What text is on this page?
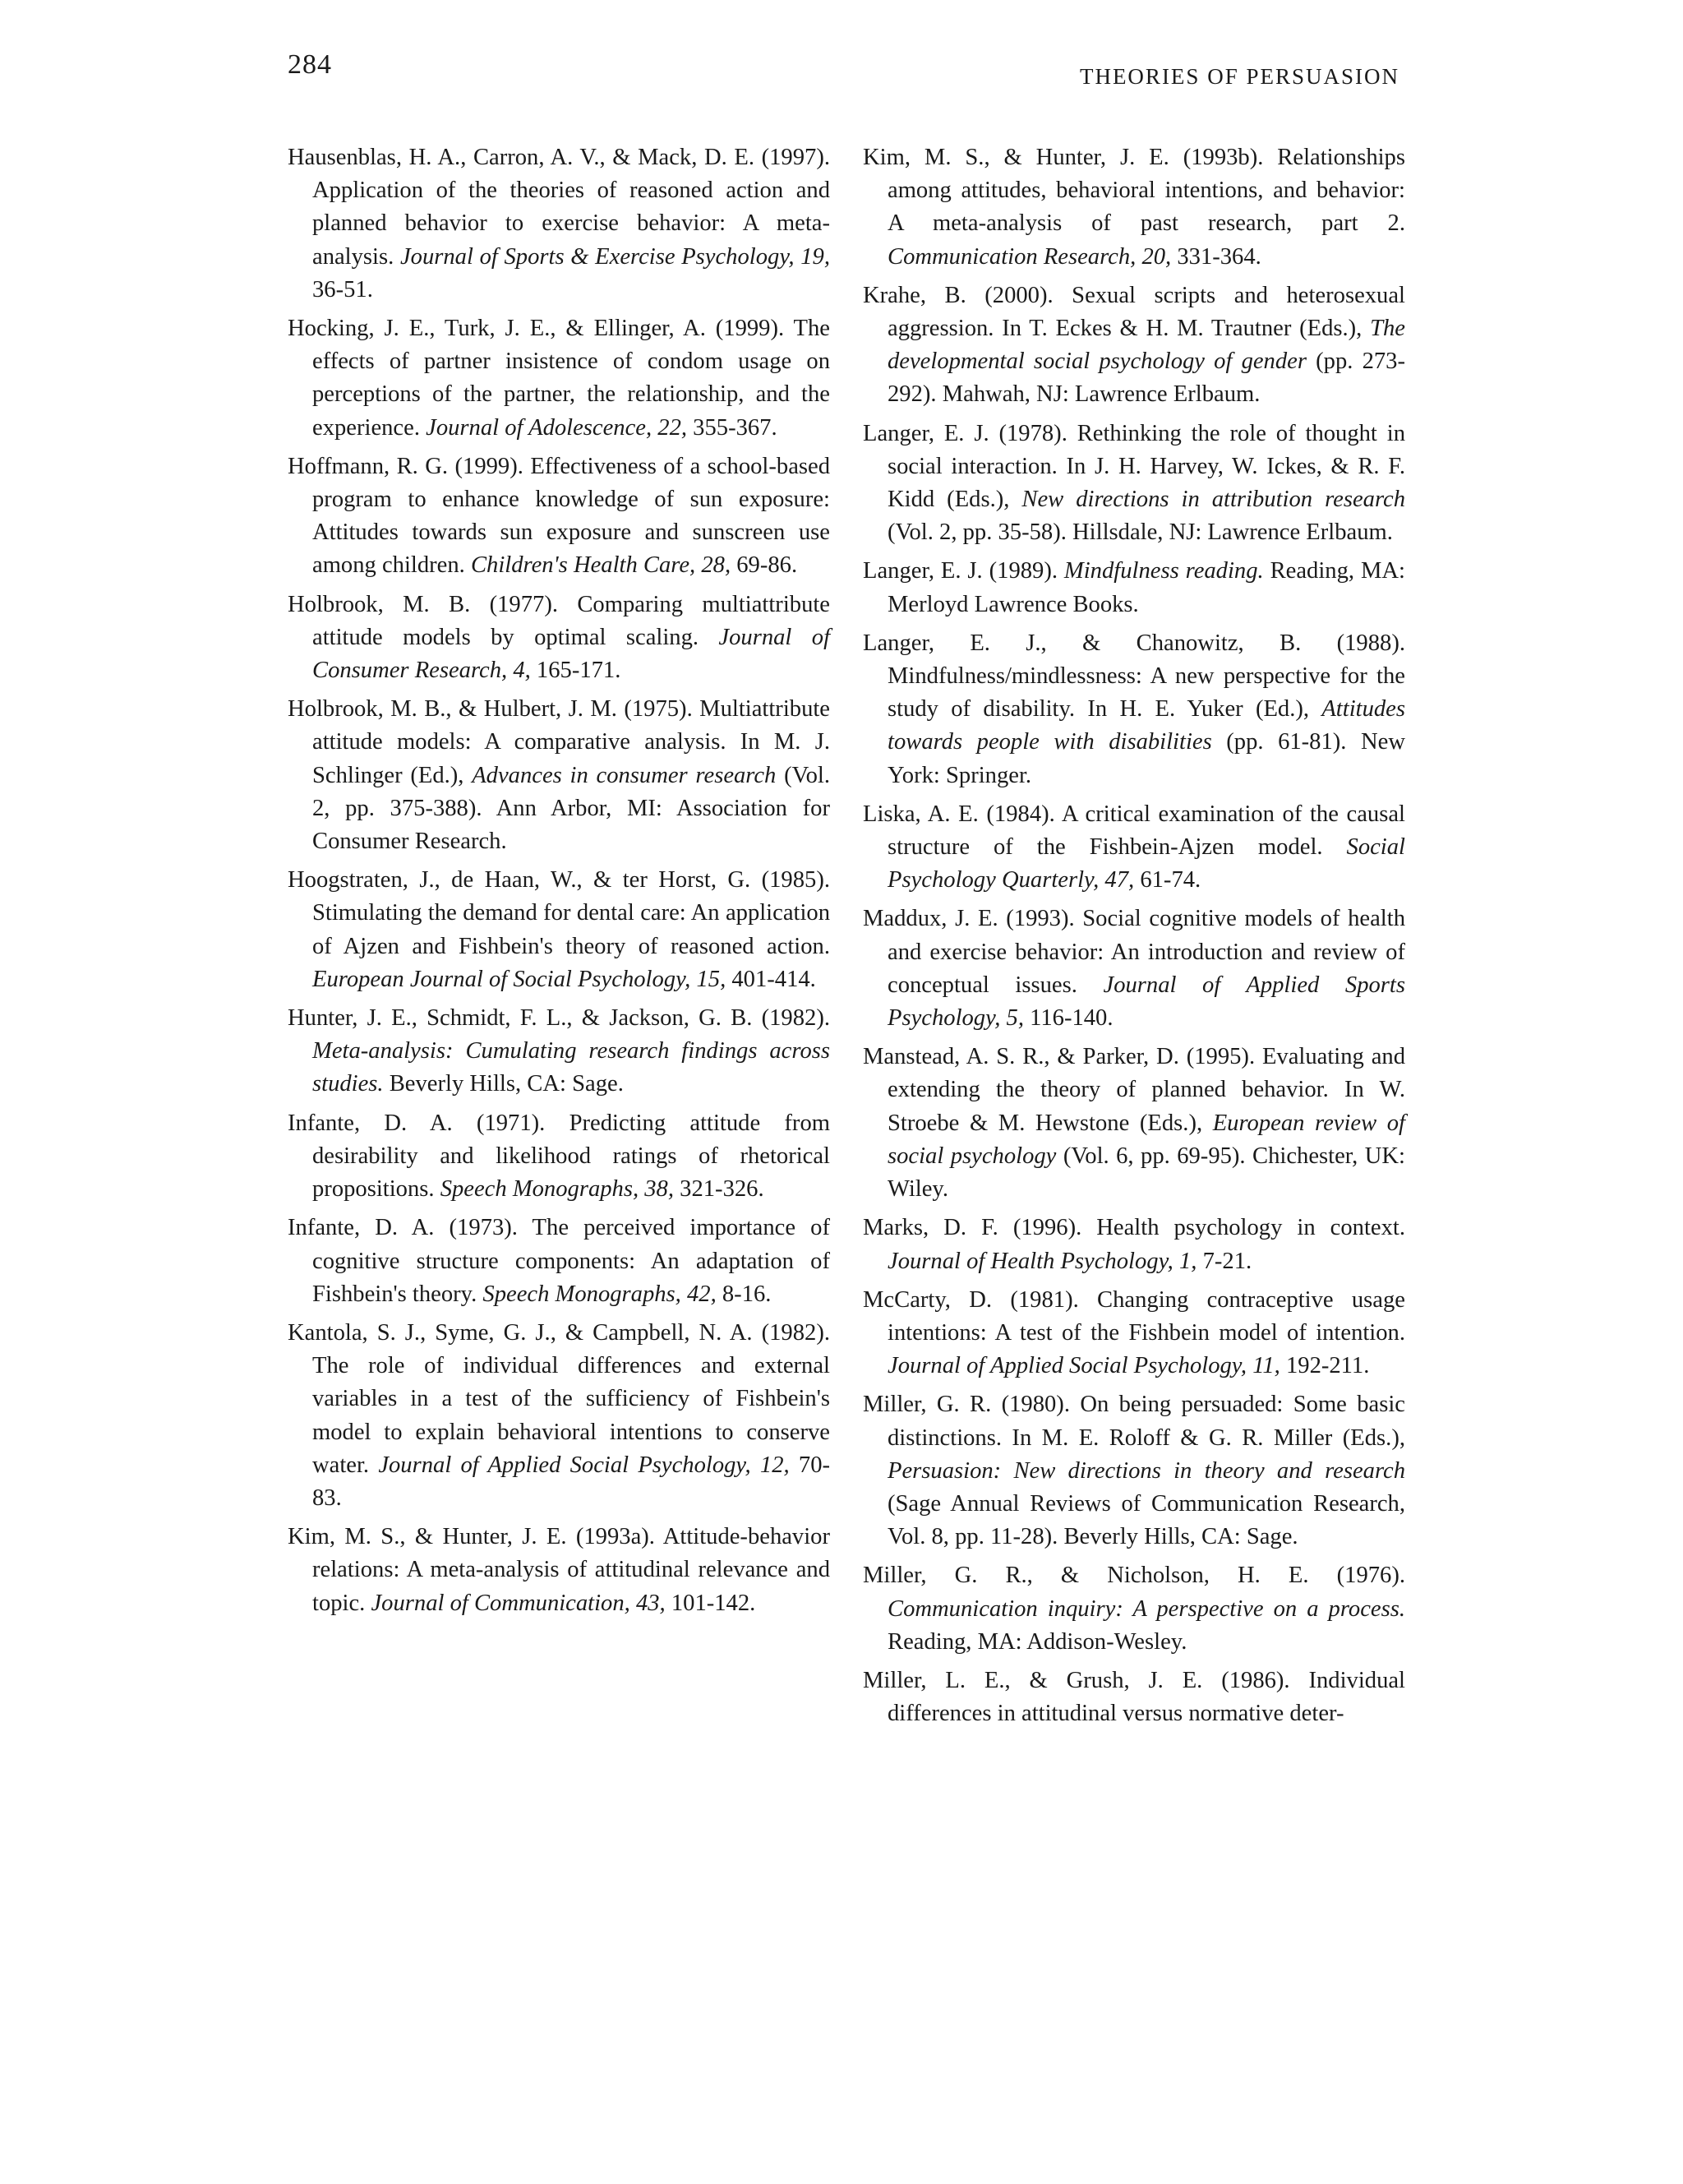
284	THEORIES OF PERSUASION

Hausenblas, H. A., Carron, A. V., & Mack, D. E. (1997). Application of the theories of reasoned action and planned behavior to exercise behavior: A meta-analysis. Journal of Sports & Exercise Psychology, 19, 36-51.

Hocking, J. E., Turk, J. E., & Ellinger, A. (1999). The effects of partner insistence of condom usage on perceptions of the partner, the relationship, and the experience. Journal of Adolescence, 22, 355-367.

Hoffmann, R. G. (1999). Effectiveness of a school-based program to enhance knowledge of sun exposure: Attitudes towards sun exposure and sunscreen use among children. Children's Health Care, 28, 69-86.

Holbrook, M. B. (1977). Comparing multiattribute attitude models by optimal scaling. Journal of Consumer Research, 4, 165-171.

Holbrook, M. B., & Hulbert, J. M. (1975). Multiattribute attitude models: A comparative analysis. In M. J. Schlinger (Ed.), Advances in consumer research (Vol. 2, pp. 375-388). Ann Arbor, MI: Association for Consumer Research.

Hoogstraten, J., de Haan, W., & ter Horst, G. (1985). Stimulating the demand for dental care: An application of Ajzen and Fishbein's theory of reasoned action. European Journal of Social Psychology, 15, 401-414.

Hunter, J. E., Schmidt, F. L., & Jackson, G. B. (1982). Meta-analysis: Cumulating research findings across studies. Beverly Hills, CA: Sage.

Infante, D. A. (1971). Predicting attitude from desirability and likelihood ratings of rhetorical propositions. Speech Monographs, 38, 321-326.

Infante, D. A. (1973). The perceived importance of cognitive structure components: An adaptation of Fishbein's theory. Speech Monographs, 42, 8-16.

Kantola, S. J., Syme, G. J., & Campbell, N. A. (1982). The role of individual differences and external variables in a test of the sufficiency of Fishbein's model to explain behavioral intentions to conserve water. Journal of Applied Social Psychology, 12, 70-83.

Kim, M. S., & Hunter, J. E. (1993a). Attitude-behavior relations: A meta-analysis of attitudinal relevance and topic. Journal of Communication, 43, 101-142.

Kim, M. S., & Hunter, J. E. (1993b). Relationships among attitudes, behavioral intentions, and behavior: A meta-analysis of past research, part 2. Communication Research, 20, 331-364.

Krahe, B. (2000). Sexual scripts and heterosexual aggression. In T. Eckes & H. M. Trautner (Eds.), The developmental social psychology of gender (pp. 273-292). Mahwah, NJ: Lawrence Erlbaum.

Langer, E. J. (1978). Rethinking the role of thought in social interaction. In J. H. Harvey, W. Ickes, & R. F. Kidd (Eds.), New directions in attribution research (Vol. 2, pp. 35-58). Hillsdale, NJ: Lawrence Erlbaum.

Langer, E. J. (1989). Mindfulness reading. Reading, MA: Merloyd Lawrence Books.

Langer, E. J., & Chanowitz, B. (1988). Mindfulness/mindlessness: A new perspective for the study of disability. In H. E. Yuker (Ed.), Attitudes towards people with disabilities (pp. 61-81). New York: Springer.

Liska, A. E. (1984). A critical examination of the causal structure of the Fishbein-Ajzen model. Social Psychology Quarterly, 47, 61-74.

Maddux, J. E. (1993). Social cognitive models of health and exercise behavior: An introduction and review of conceptual issues. Journal of Applied Sports Psychology, 5, 116-140.

Manstead, A. S. R., & Parker, D. (1995). Evaluating and extending the theory of planned behavior. In W. Stroebe & M. Hewstone (Eds.), European review of social psychology (Vol. 6, pp. 69-95). Chichester, UK: Wiley.

Marks, D. F. (1996). Health psychology in context. Journal of Health Psychology, 1, 7-21.

McCarty, D. (1981). Changing contraceptive usage intentions: A test of the Fishbein model of intention. Journal of Applied Social Psychology, 11, 192-211.

Miller, G. R. (1980). On being persuaded: Some basic distinctions. In M. E. Roloff & G. R. Miller (Eds.), Persuasion: New directions in theory and research (Sage Annual Reviews of Communication Research, Vol. 8, pp. 11-28). Beverly Hills, CA: Sage.

Miller, G. R., & Nicholson, H. E. (1976). Communication inquiry: A perspective on a process. Reading, MA: Addison-Wesley.

Miller, L. E., & Grush, J. E. (1986). Individual differences in attitudinal versus normative deter-
